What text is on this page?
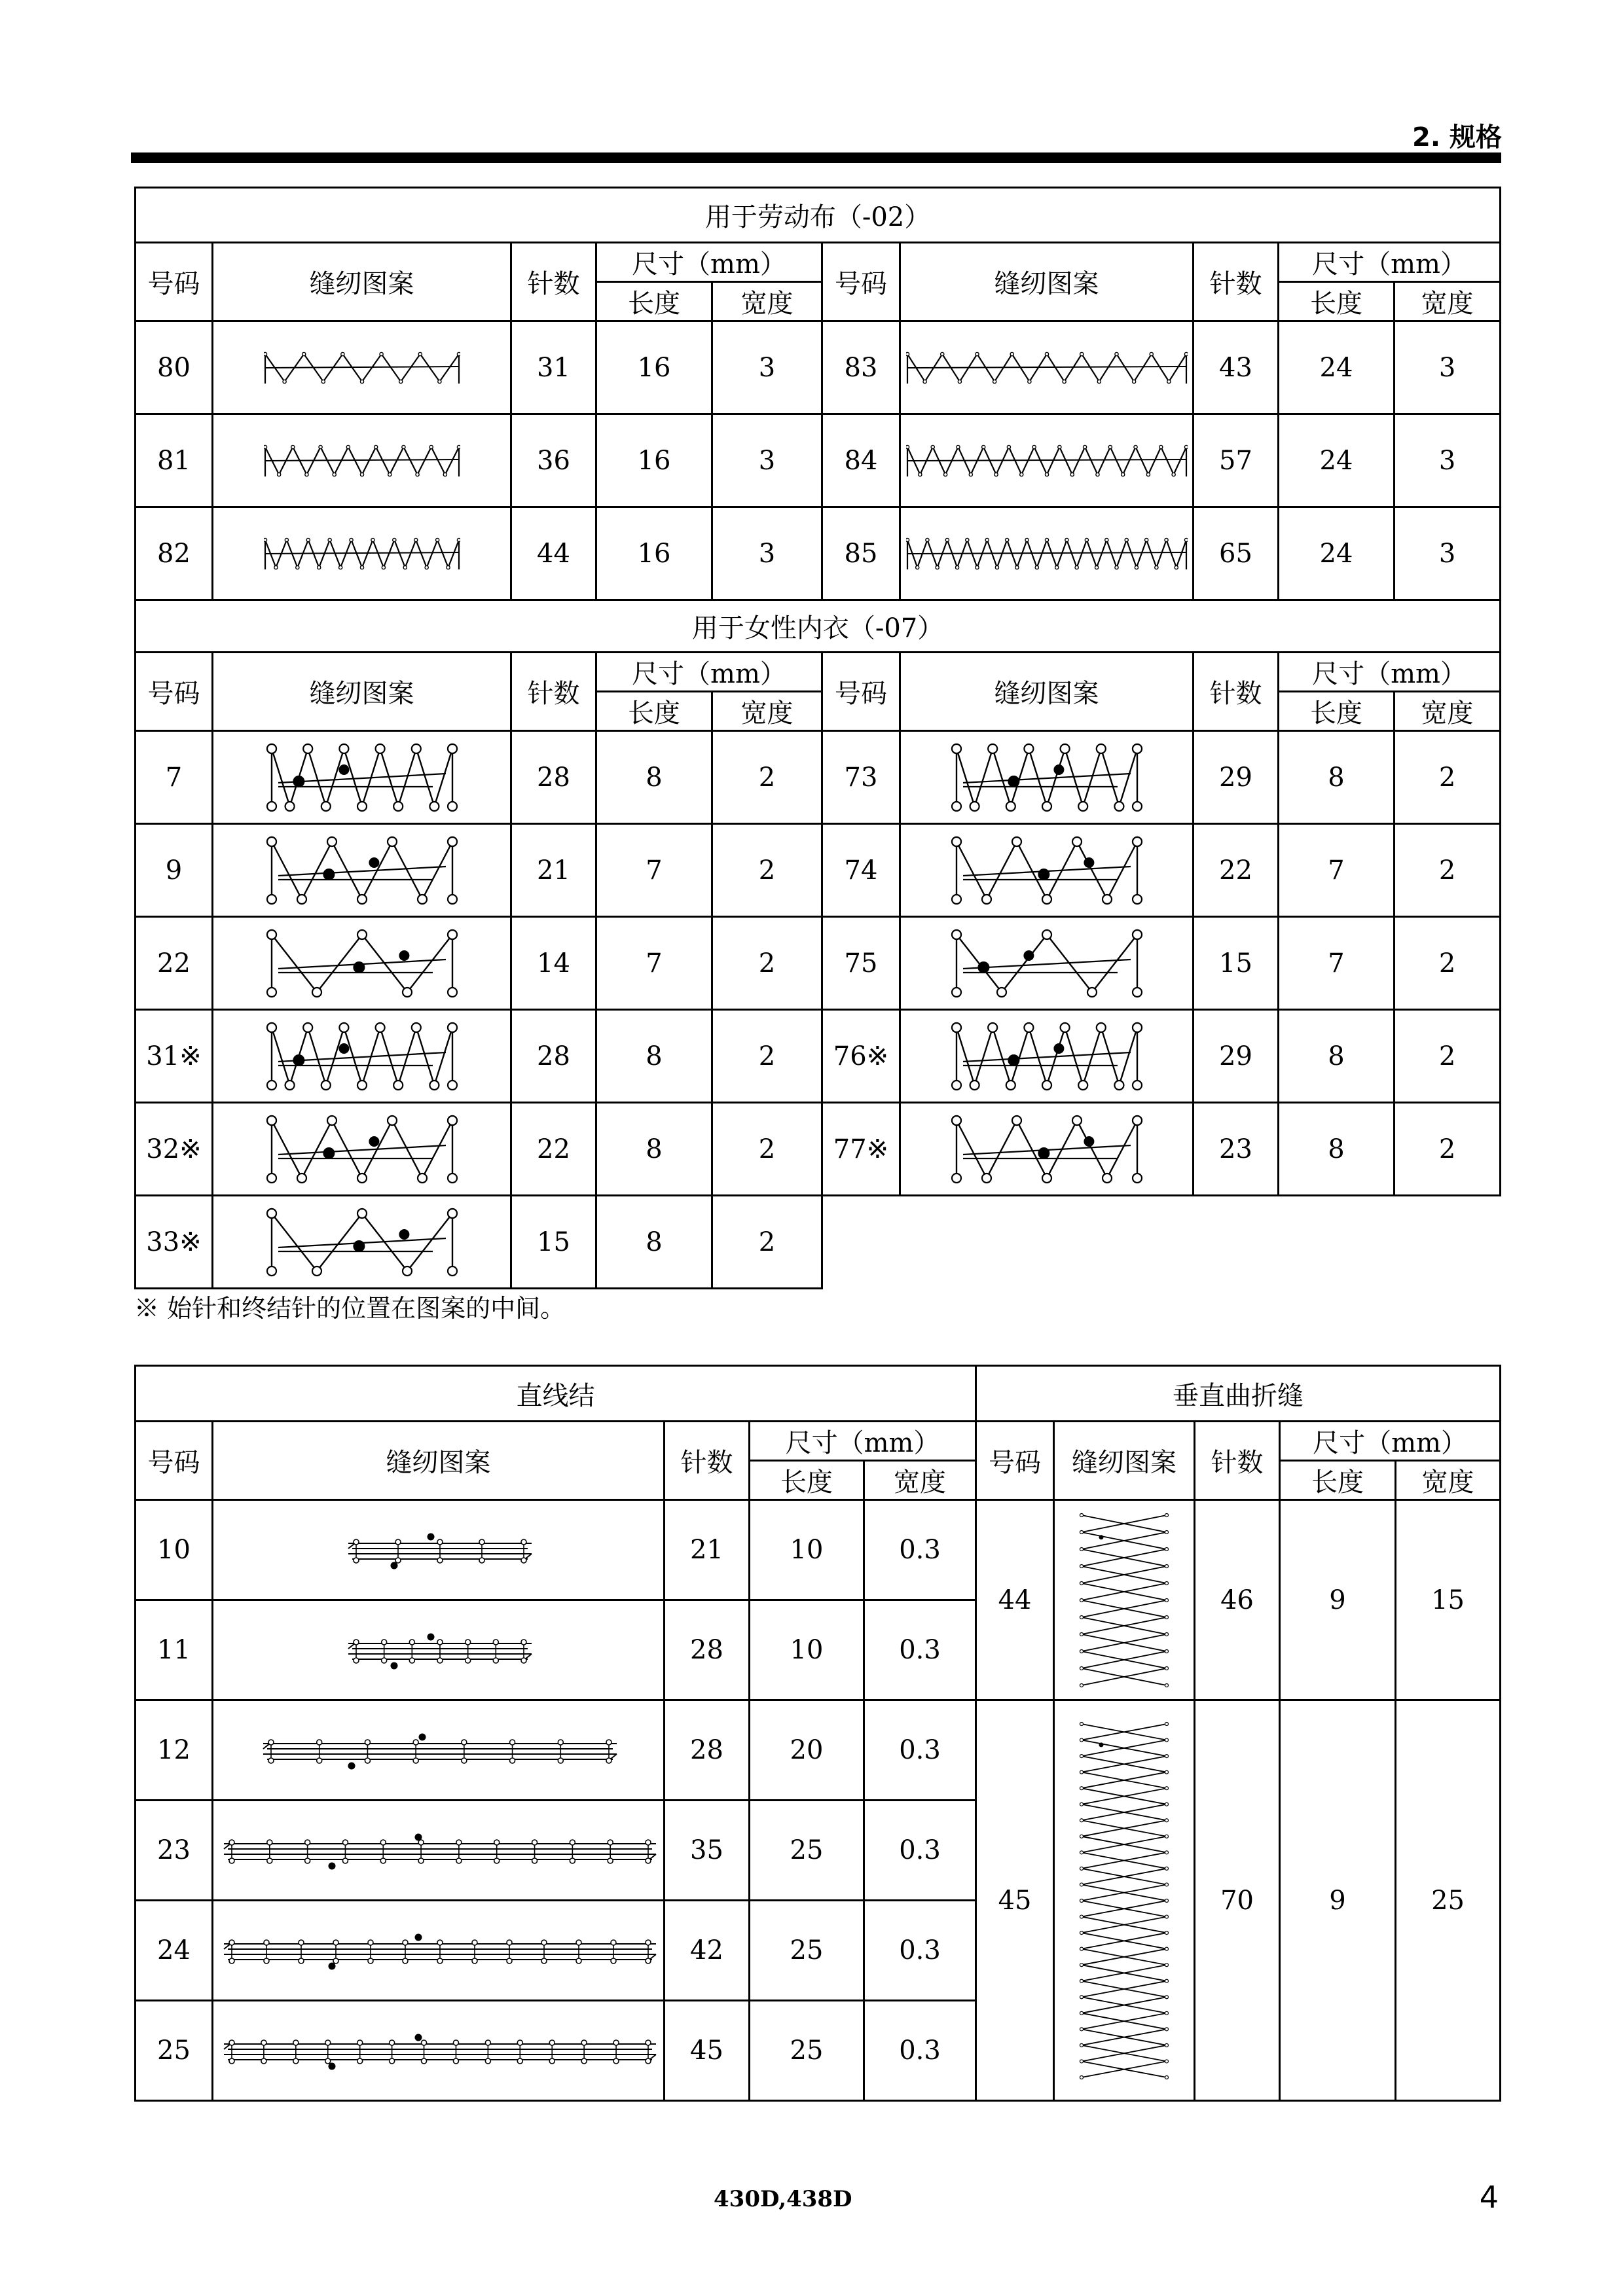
2. 规格
用于劳动布（-02）									
号码	缝纫图案	针数	尺寸（mm）		号码	缝纫图案	针数	尺寸（mm）	
			长度	宽度				长度	宽度
80		31	16	3	83		43	24	3
81		36	16	3	84		57	24	3
82		44	16	3	85		65	24	3
用于女性内衣（-07）									
号码	缝纫图案	针数	尺寸（mm）		号码	缝纫图案	针数	尺寸（mm）	
			长度	宽度				长度	宽度
7		28	8	2	73		29	8	2
9		21	7	2	74		22	7	2
22		14	7	2	75		15	7	2
31※		28	8	2	76※		29	8	2
32※		22	8	2	77※		23	8	2
33※		15	8	2					
※ 始针和终结针的位置在图案的中间。
直线结					垂直曲折缝				
号码	缝纫图案	针数	尺寸（mm）		号码	缝纫图案	针数	尺寸（mm）	
			长度	宽度				长度	宽度
10		21	10	0.3	44		46	9	15
11		28	10	0.3					
12		28	20	0.3	45		70	9	25
23		35	25	0.3					
24		42	25	0.3					
25		45	25	0.3					
430D,438D	4
